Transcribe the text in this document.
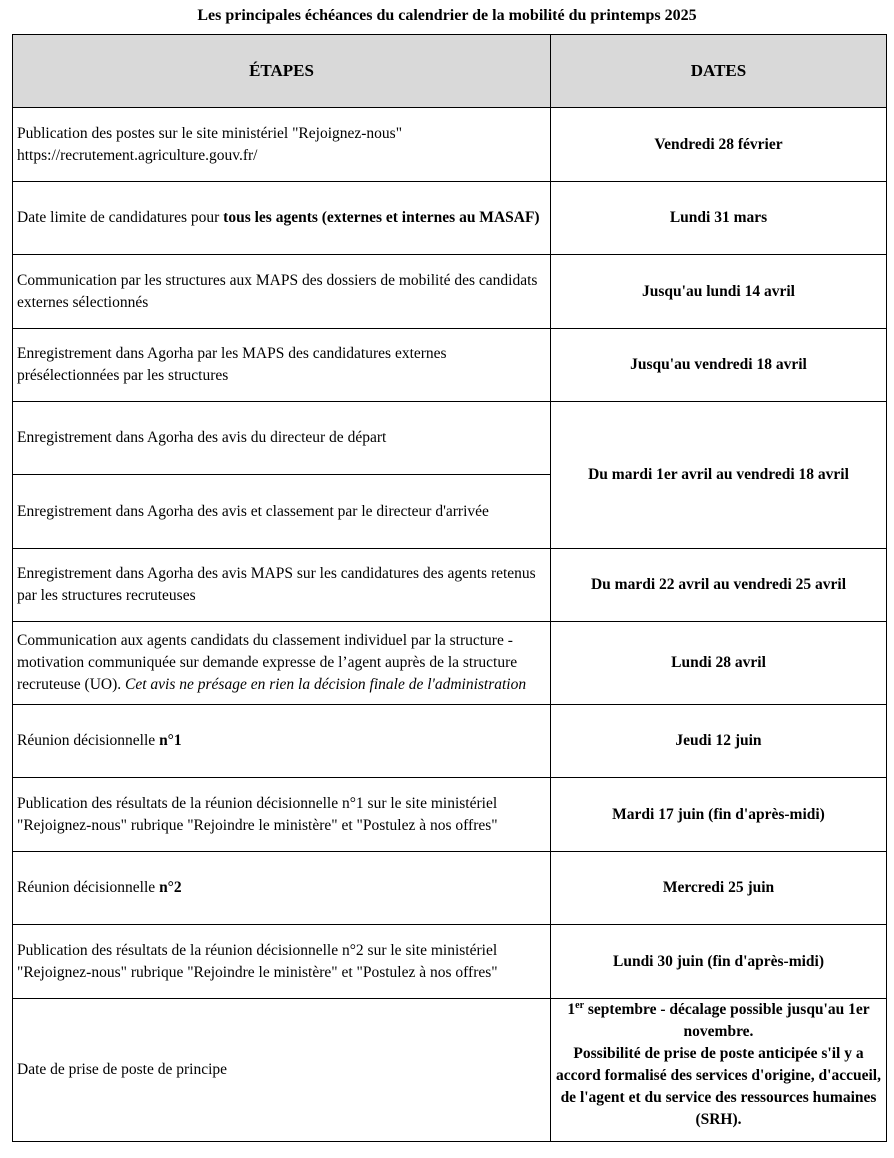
Les principales échéances du calendrier de la mobilité du printemps 2025
ÉTAPES	DATES
Publication des postes sur le site ministériel "Rejoignez-nous"
https://recrutement.agriculture.gouv.fr/	Vendredi 28 février
Date limite de candidatures pour tous les agents (externes et internes au MASAF)	Lundi 31 mars
Communication par les structures aux MAPS des dossiers de mobilité des candidats externes sélectionnés	Jusqu'au lundi 14 avril
Enregistrement dans Agorha par les MAPS des candidatures externes présélectionnées par les structures	Jusqu'au vendredi 18 avril
Enregistrement dans Agorha des avis du directeur de départ	Du mardi 1er avril au vendredi 18 avril
Enregistrement dans Agorha des avis et classement par le directeur d'arrivée	
Enregistrement dans Agorha des avis MAPS sur les candidatures des agents retenus par les structures recruteuses	Du mardi 22 avril au vendredi 25 avril
Communication aux agents candidats du classement individuel par la structure - motivation communiquée sur demande expresse de l’agent auprès de la structure recruteuse (UO). Cet avis ne présage en rien la décision finale de l'administration	Lundi 28 avril
Réunion décisionnelle n°1	Jeudi 12 juin
Publication des résultats de la réunion décisionnelle n°1 sur le site ministériel "Rejoignez-nous" rubrique "Rejoindre le ministère" et "Postulez à nos offres"	Mardi 17 juin (fin d'après-midi)
Réunion décisionnelle n°2	Mercredi 25 juin
Publication des résultats de la réunion décisionnelle n°2 sur le site ministériel "Rejoignez-nous" rubrique "Rejoindre le ministère" et "Postulez à nos offres"	Lundi 30 juin (fin d'après-midi)
Date de prise de poste de principe	1er septembre - décalage possible jusqu'au 1er novembre.
Possibilité de prise de poste anticipée s'il y a accord formalisé des services d'origine, d'accueil, de l'agent et du service des ressources humaines (SRH).
